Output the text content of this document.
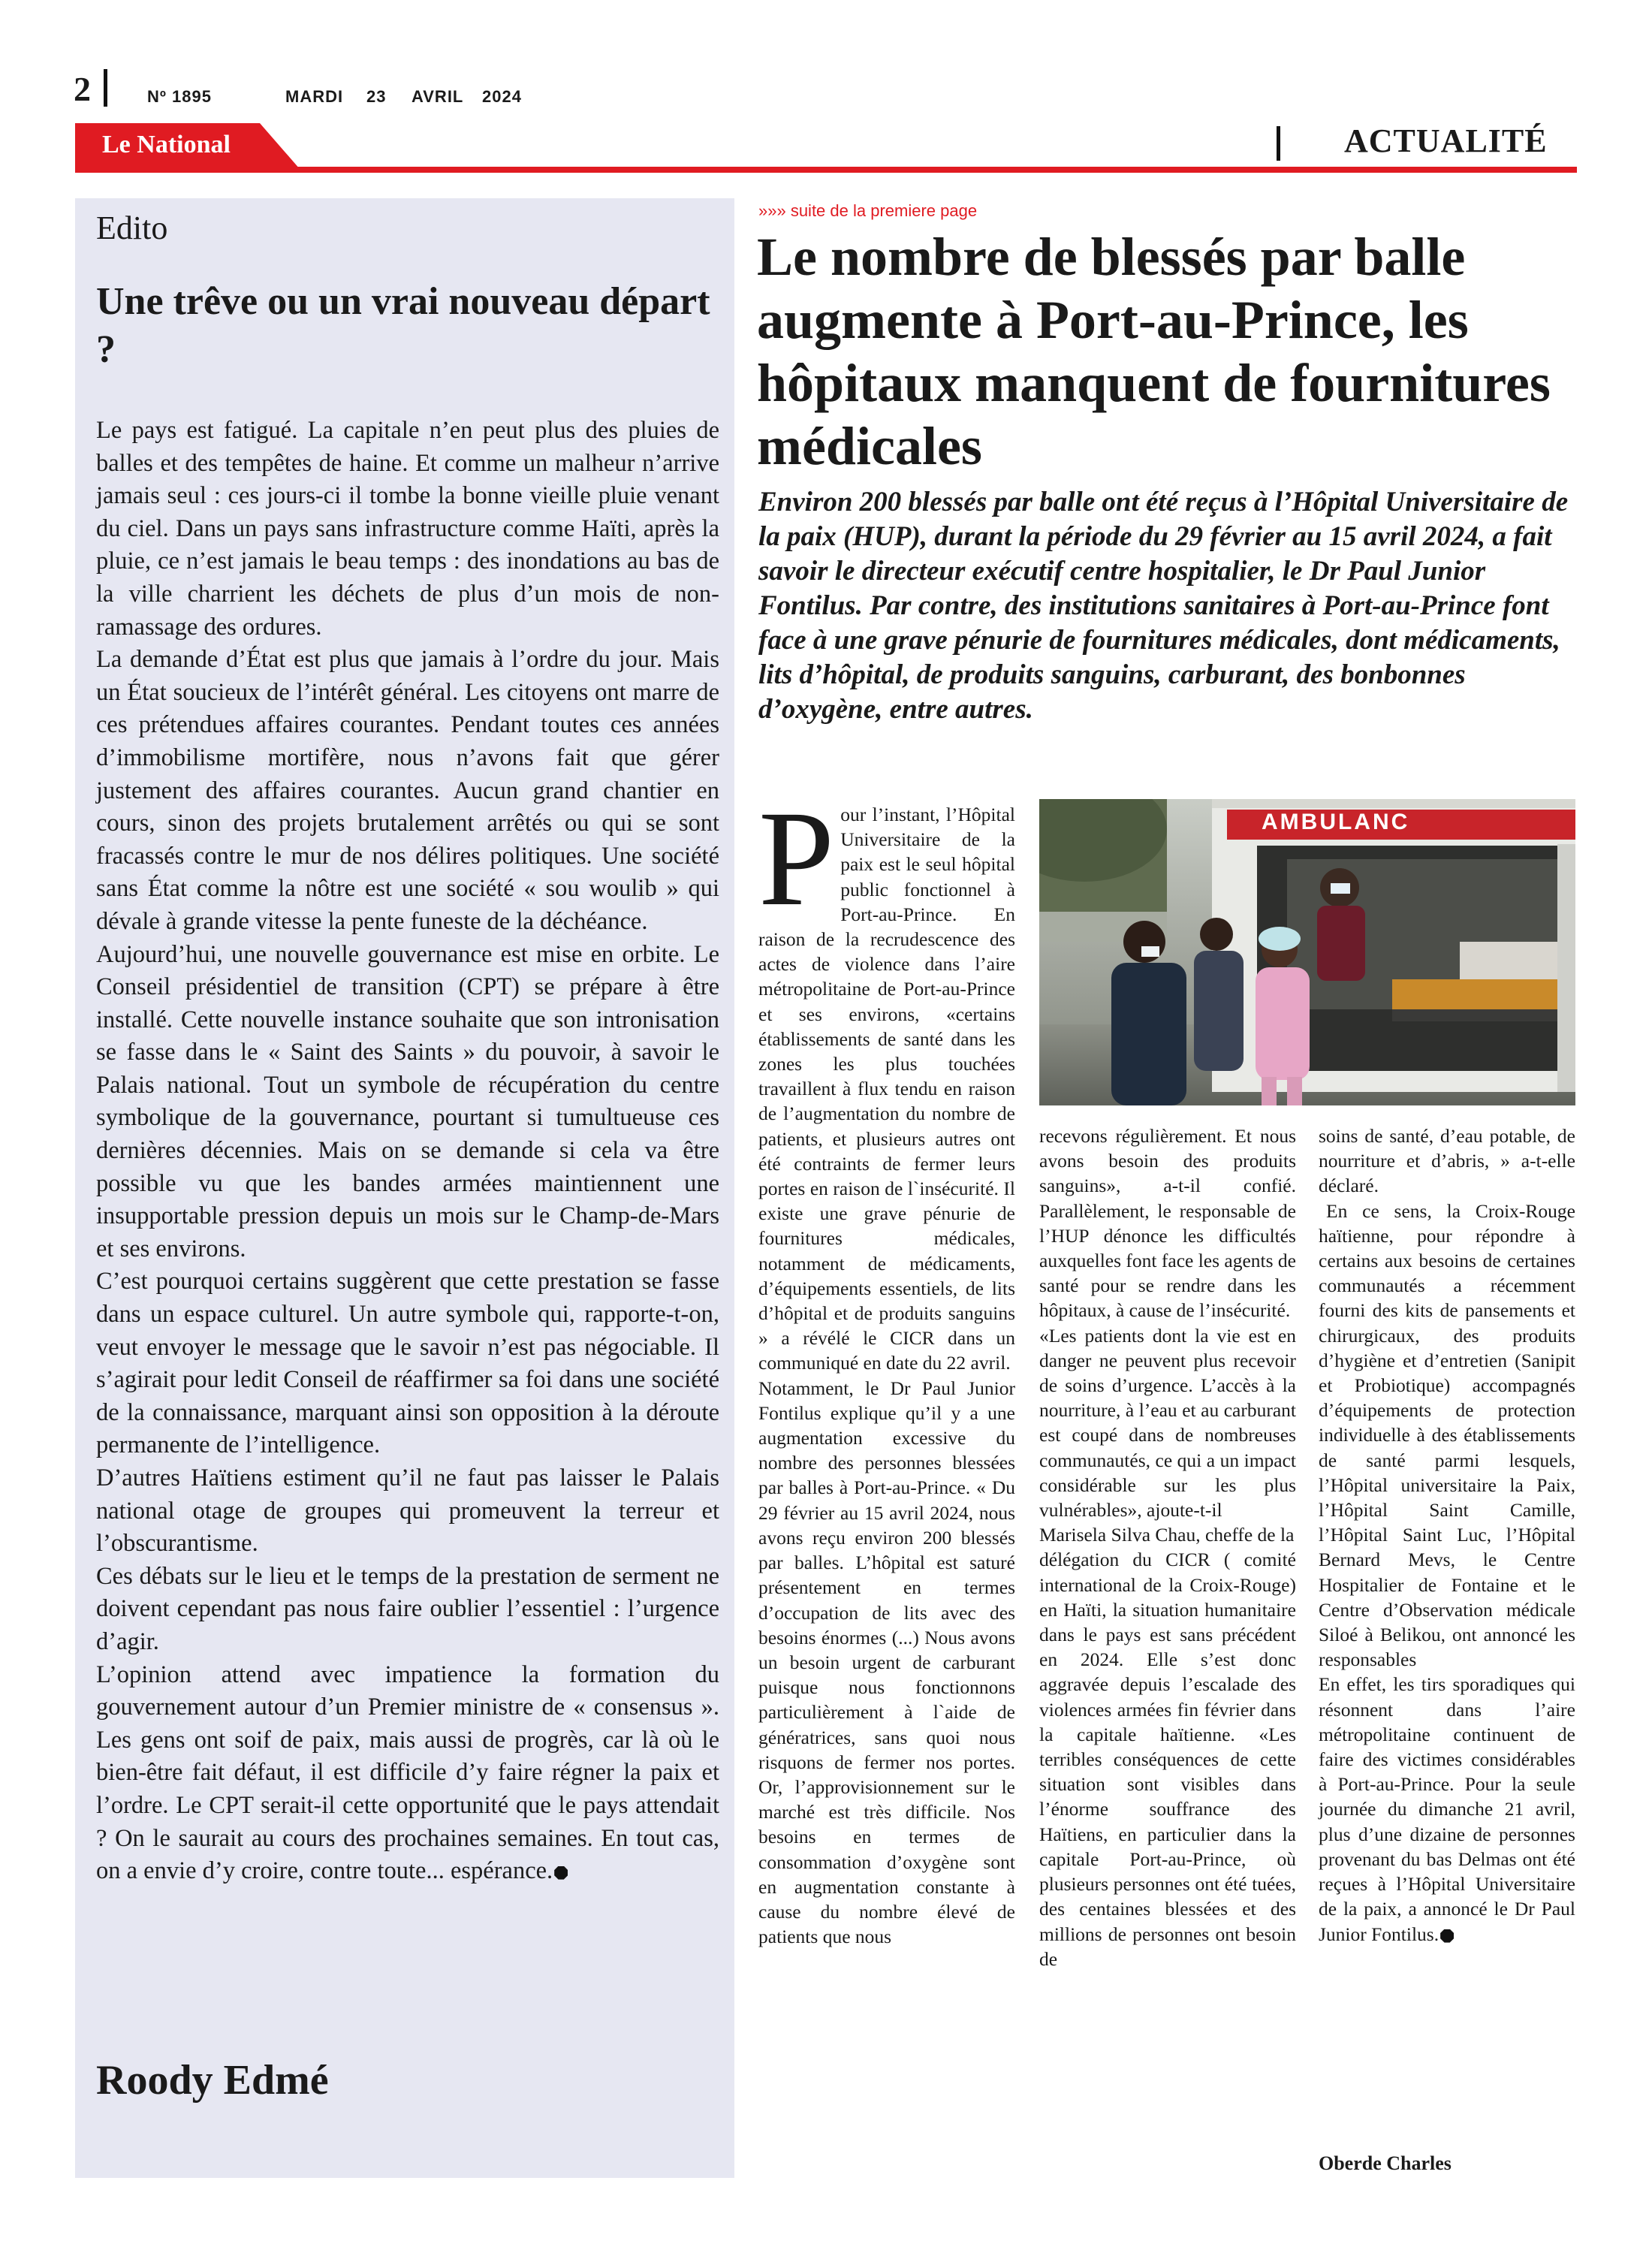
2	Nº 1895	MARDI 23 AVRIL 2024
Le National	ACTUALITÉ
Edito
Une trêve ou un vrai nouveau départ ?

Le pays est fatigué. La capitale n’en peut plus des pluies de balles et des tempêtes de haine. Et comme un malheur n’arrive jamais seul : ces jours-ci il tombe la bonne vieille pluie venant du ciel. Dans un pays sans infrastructure comme Haïti, après la pluie, ce n’est jamais le beau temps : des inondations au bas de la ville charrient les déchets de plus d’un mois de non-ramassage des ordures.

La demande d’État est plus que jamais à l’ordre du jour. Mais un État soucieux de l’intérêt général. Les citoyens ont marre de ces prétendues affaires courantes. Pendant toutes ces années d’immobilisme mortifère, nous n’avons fait que gérer justement des affaires courantes. Aucun grand chantier en cours, sinon des projets brutalement arrêtés ou qui se sont fracassés contre le mur de nos délires politiques. Une société sans État comme la nôtre est une société « sou woulib » qui dévale à grande vitesse la pente funeste de la déchéance.

Aujourd’hui, une nouvelle gouvernance est mise en orbite. Le Conseil présidentiel de transition (CPT) se prépare à être installé. Cette nouvelle instance souhaite que son intronisation se fasse dans le « Saint des Saints » du pouvoir, à savoir le Palais national. Tout un symbole de récupération du centre symbolique de la gouvernance, pourtant si tumultueuse ces dernières décennies. Mais on se demande si cela va être possible vu que les bandes armées maintiennent une insupportable pression depuis un mois sur le Champ-de-Mars et ses environs.

C’est pourquoi certains suggèrent que cette prestation se fasse dans un espace culturel. Un autre symbole qui, rapporte-t-on, veut envoyer le message que le savoir n’est pas négociable. Il s’agirait pour ledit Conseil de réaffirmer sa foi dans une société de la connaissance, marquant ainsi son opposition à la déroute permanente de l’intelligence.

D’autres Haïtiens estiment qu’il ne faut pas laisser le Palais national otage de groupes qui promeuvent la terreur et l’obscurantisme.

Ces débats sur le lieu et le temps de la prestation de serment ne doivent cependant pas nous faire oublier l’essentiel : l’urgence d’agir.

L’opinion attend avec impatience la formation du gouvernement autour d’un Premier ministre de « consensus ». Les gens ont soif de paix, mais aussi de progrès, car là où le bien-être fait défaut, il est difficile d’y faire régner la paix et l’ordre. Le CPT serait-il cette opportunité que le pays attendait ? On le saurait au cours des prochaines semaines. En tout cas, on a envie d’y croire, contre toute... espérance.

Roody Edmé
»»» suite de la premiere page
Le nombre de blessés par balle augmente à Port-au-Prince, les hôpitaux manquent de fournitures médicales
Environ 200 blessés par balle ont été reçus à l’Hôpital Universitaire de la paix (HUP), durant la période du 29 février au 15 avril 2024, a fait savoir le directeur exécutif centre hospitalier, le Dr Paul Junior Fontilus. Par contre, des institutions sanitaires à Port-au-Prince font face à une grave pénurie de fournitures médicales, dont médicaments, lits d’hôpital, de produits sanguins, carburant, des bonbonnes d’oxygène, entre autres.
AMBULANC

Pour l’instant, l’Hôpital Universitaire de la paix est le seul hôpital public fonctionnel à Port-au-Prince. En raison de la recrudescence des actes de violence dans l’aire métropolitaine de Port-au-Prince et ses environs, «certains établissements de santé dans les zones les plus touchées travaillent à flux tendu en raison de l’augmentation du nombre de patients, et plusieurs autres ont été contraints de fermer leurs portes en raison de l`insécurité. Il existe une grave pénurie de fournitures médicales, notamment de médicaments, d’équipements essentiels, de lits d’hôpital et de produits sanguins » a révélé le CICR dans un communiqué en date du 22 avril.

Notamment, le Dr Paul Junior Fontilus explique qu’il y a une augmentation excessive du nombre des personnes blessées par balles à Port-au-Prince. « Du 29 février au 15 avril 2024, nous avons reçu environ 200 blessés par balles. L’hôpital est saturé présentement en termes d’occupation de lits avec des besoins énormes (...) Nous avons un besoin urgent de carburant puisque nous fonctionnons particulièrement à l`aide de génératrices, sans quoi nous risquons de fermer nos portes. Or, l’approvisionnement sur le marché est très difficile. Nos besoins en termes de consommation d’oxygène sont en augmentation constante à cause du nombre élevé de patients que nous

recevons régulièrement. Et nous avons besoin des produits sanguins», a-t-il confié. Parallèlement, le responsable de l’HUP dénonce les difficultés auxquelles font face les agents de santé pour se rendre dans les hôpitaux, à cause de l’insécurité.

«Les patients dont la vie est en danger ne peuvent plus recevoir de soins d’urgence. L’accès à la nourriture, à l’eau et au carburant est coupé dans de nombreuses communautés, ce qui a un impact considérable sur les plus vulnérables», ajoute-t-il

Marisela Silva Chau, cheffe de la

délégation du CICR ( comité international de la Croix-Rouge) en Haïti, la situation humanitaire dans le pays est sans précédent en 2024. Elle s’est donc aggravée depuis l’escalade des violences armées fin février dans la capitale haïtienne. «Les terribles conséquences de cette situation sont visibles dans l’énorme souffrance des Haïtiens, en particulier dans la capitale Port-au-Prince, où plusieurs personnes ont été tuées, des centaines blessées et des millions de personnes ont besoin de

soins de santé, d’eau potable, de nourriture et d’abris, » a-t-elle déclaré.

En ce sens, la Croix-Rouge haïtienne, pour répondre à certains aux besoins de certaines communautés a récemment fourni des kits de pansements et chirurgicaux, des produits d’hygiène et d’entretien (Sanipit et Probiotique) accompagnés d’équipements de protection individuelle à des établissements de santé parmi lesquels, l’Hôpital universitaire la Paix, l’Hôpital Saint Camille, l’Hôpital Saint Luc, l’Hôpital Bernard Mevs, le Centre Hospitalier de Fontaine et le Centre d’Observation médicale Siloé à Belikou, ont annoncé les responsables

En effet, les tirs sporadiques qui résonnent dans l’aire métropolitaine continuent de faire des victimes considérables à Port-au-Prince. Pour la seule journée du dimanche 21 avril, plus d’une dizaine de personnes provenant du bas Delmas ont été reçues à l’Hôpital Universitaire de la paix, a annoncé le Dr Paul Junior Fontilus.

Oberde Charles
